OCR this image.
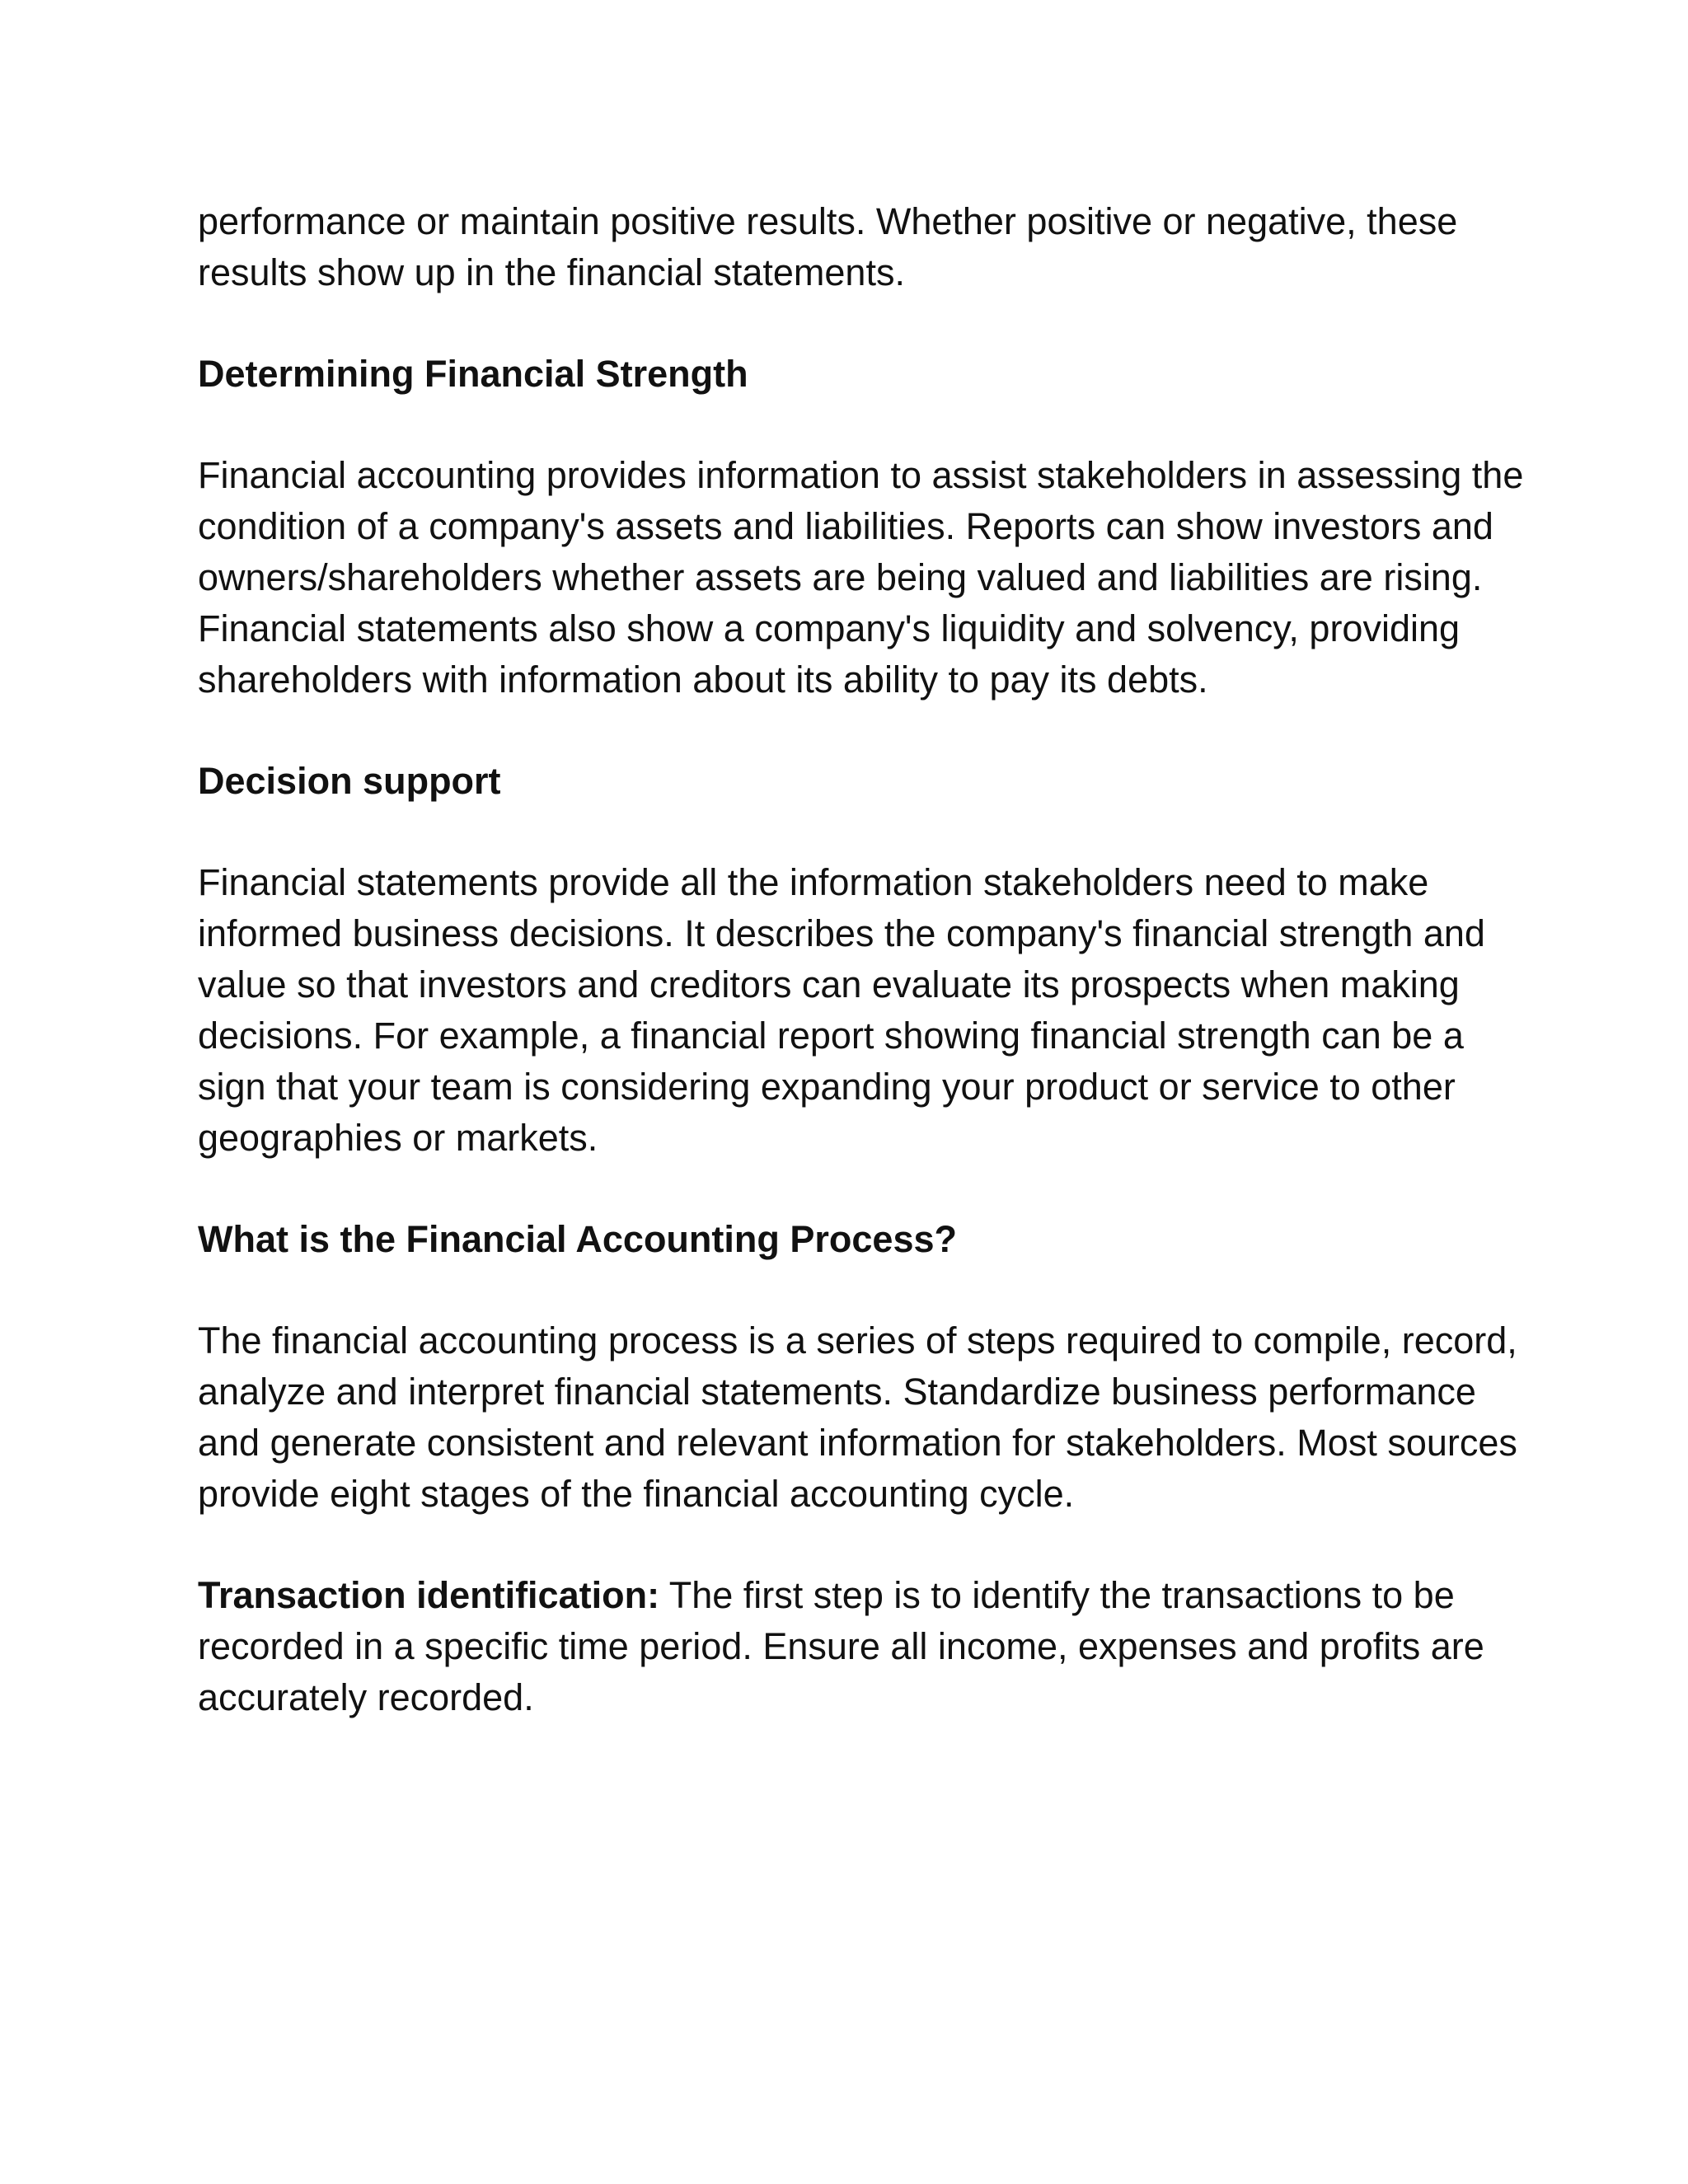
performance or maintain positive results. Whether positive or negative, these results show up in the financial statements.

Determining Financial Strength

Financial accounting provides information to assist stakeholders in assessing the condition of a company's assets and liabilities. Reports can show investors and owners/shareholders whether assets are being valued and liabilities are rising. Financial statements also show a company's liquidity and solvency, providing shareholders with information about its ability to pay its debts.

Decision support

Financial statements provide all the information stakeholders need to make informed business decisions. It describes the company's financial strength and value so that investors and creditors can evaluate its prospects when making decisions. For example, a financial report showing financial strength can be a sign that your team is considering expanding your product or service to other geographies or markets.

What is the Financial Accounting Process?

The financial accounting process is a series of steps required to compile, record, analyze and interpret financial statements. Standardize business performance and generate consistent and relevant information for stakeholders. Most sources provide eight stages of the financial accounting cycle.

Transaction identification: The first step is to identify the transactions to be recorded in a specific time period. Ensure all income, expenses and profits are accurately recorded.
